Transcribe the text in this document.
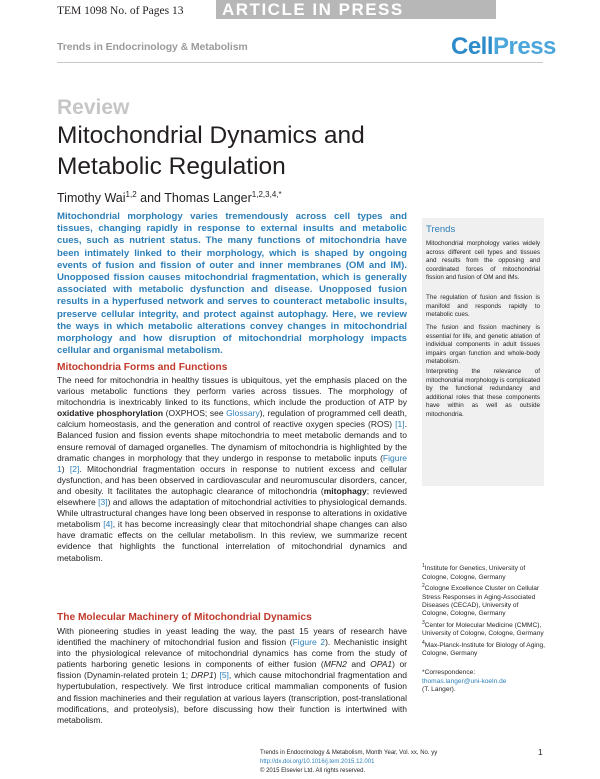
TEM 1098 No. of Pages 13	ARTICLE IN PRESS
Trends in Endocrinology & Metabolism	CellPress
Review
Mitochondrial Dynamics and
Metabolic Regulation
Timothy Wai$^{1,2}$ and Thomas Langer$^{1,2,3,4,*}$
Mitochondrial morphology varies tremendously across cell types and tissues, changing rapidly in response to external insults and metabolic cues, such as nutrient status. The many functions of mitochondria have been intimately linked to their morphology, which is shaped by ongoing events of fusion and fission of outer and inner membranes (OM and IM). Unopposed fission causes mitochondrial fragmentation, which is generally associated with metabolic dysfunction and disease. Unopposed fusion results in a hyperfused network and serves to counteract metabolic insults, preserve cellular integrity, and protect against autophagy. Here, we review the ways in which metabolic alterations convey changes in mitochondrial morphology and how disruption of mitochondrial morphology impacts cellular and organismal metabolism.
Mitochondria Forms and Functions
The need for mitochondria in healthy tissues is ubiquitous, yet the emphasis placed on the various metabolic functions they perform varies across tissues. The morphology of mitochondria is inextricably linked to its functions, which include the production of ATP by oxidative phosphorylation (OXPHOS; see Glossary), regulation of programmed cell death, calcium homeostasis, and the generation and control of reactive oxygen species (ROS) [1]. Balanced fusion and fission events shape mitochondria to meet metabolic demands and to ensure removal of damaged organelles. The dynamism of mitochondria is highlighted by the dramatic changes in morphology that they undergo in response to metabolic inputs (Figure 1) [2]. Mitochondrial fragmentation occurs in response to nutrient excess and cellular dysfunction, and has been observed in cardiovascular and neuromuscular disorders, cancer, and obesity. It facilitates the autophagic clearance of mitochondria (mitophagy; reviewed elsewhere [3]) and allows the adaptation of mitochondrial activities to physiological demands. While ultrastructural changes have long been observed in response to alterations in oxidative metabolism [4], it has become increasingly clear that mitochondrial shape changes can also have dramatic effects on the cellular metabolism. In this review, we summarize recent evidence that highlights the functional interrelation of mitochondrial dynamics and metabolism.
The Molecular Machinery of Mitochondrial Dynamics
With pioneering studies in yeast leading the way, the past 15 years of research have identified the machinery of mitochondrial fusion and fission (Figure 2). Mechanistic insight into the physiological relevance of mitochondrial dynamics has come from the study of patients harboring genetic lesions in components of either fusion (MFN2 and OPA1) or fission (Dynamin-related protein 1; DRP1) [5], which cause mitochondrial fragmentation and hypertubulation, respectively. We first introduce critical mammalian components of fusion and fission machineries and their regulation at various layers (transcription, post-translational modifications, and proteolysis), before discussing how their function is intertwined with metabolism.
Trends
Mitochondrial morphology varies widely across different cell types and tissues and results from the opposing and coordinated forces of mitochondrial fission and fusion of OM and IMs.
The regulation of fusion and fission is manifold and responds rapidly to metabolic cues.
The fusion and fission machinery is essential for life, and genetic ablation of individual components in adult tissues impairs organ function and whole-body metabolism.
Interpreting the relevance of mitochondrial morphology is complicated by the functional redundancy and additional roles that these components have within as well as outside mitochondria.
$^1$Institute for Genetics, University of Cologne, Cologne, Germany
$^2$Cologne Excellence Cluster on Cellular Stress Responses in Aging-Associated Diseases (CECAD), University of Cologne, Cologne, Germany
$^3$Center for Molecular Medicine (CMMC), University of Cologne, Cologne, Germany
$^4$Max-Planck-Institute for Biology of Aging, Cologne, Germany
*Correspondence:
thomas.langer@uni-koeln.de
(T. Langer).
Trends in Endocrinology & Metabolism, Month Year, Vol. xx, No. yy http://dx.doi.org/10.1016/j.tem.2015.12.001
© 2015 Elsevier Ltd. All rights reserved.
1
